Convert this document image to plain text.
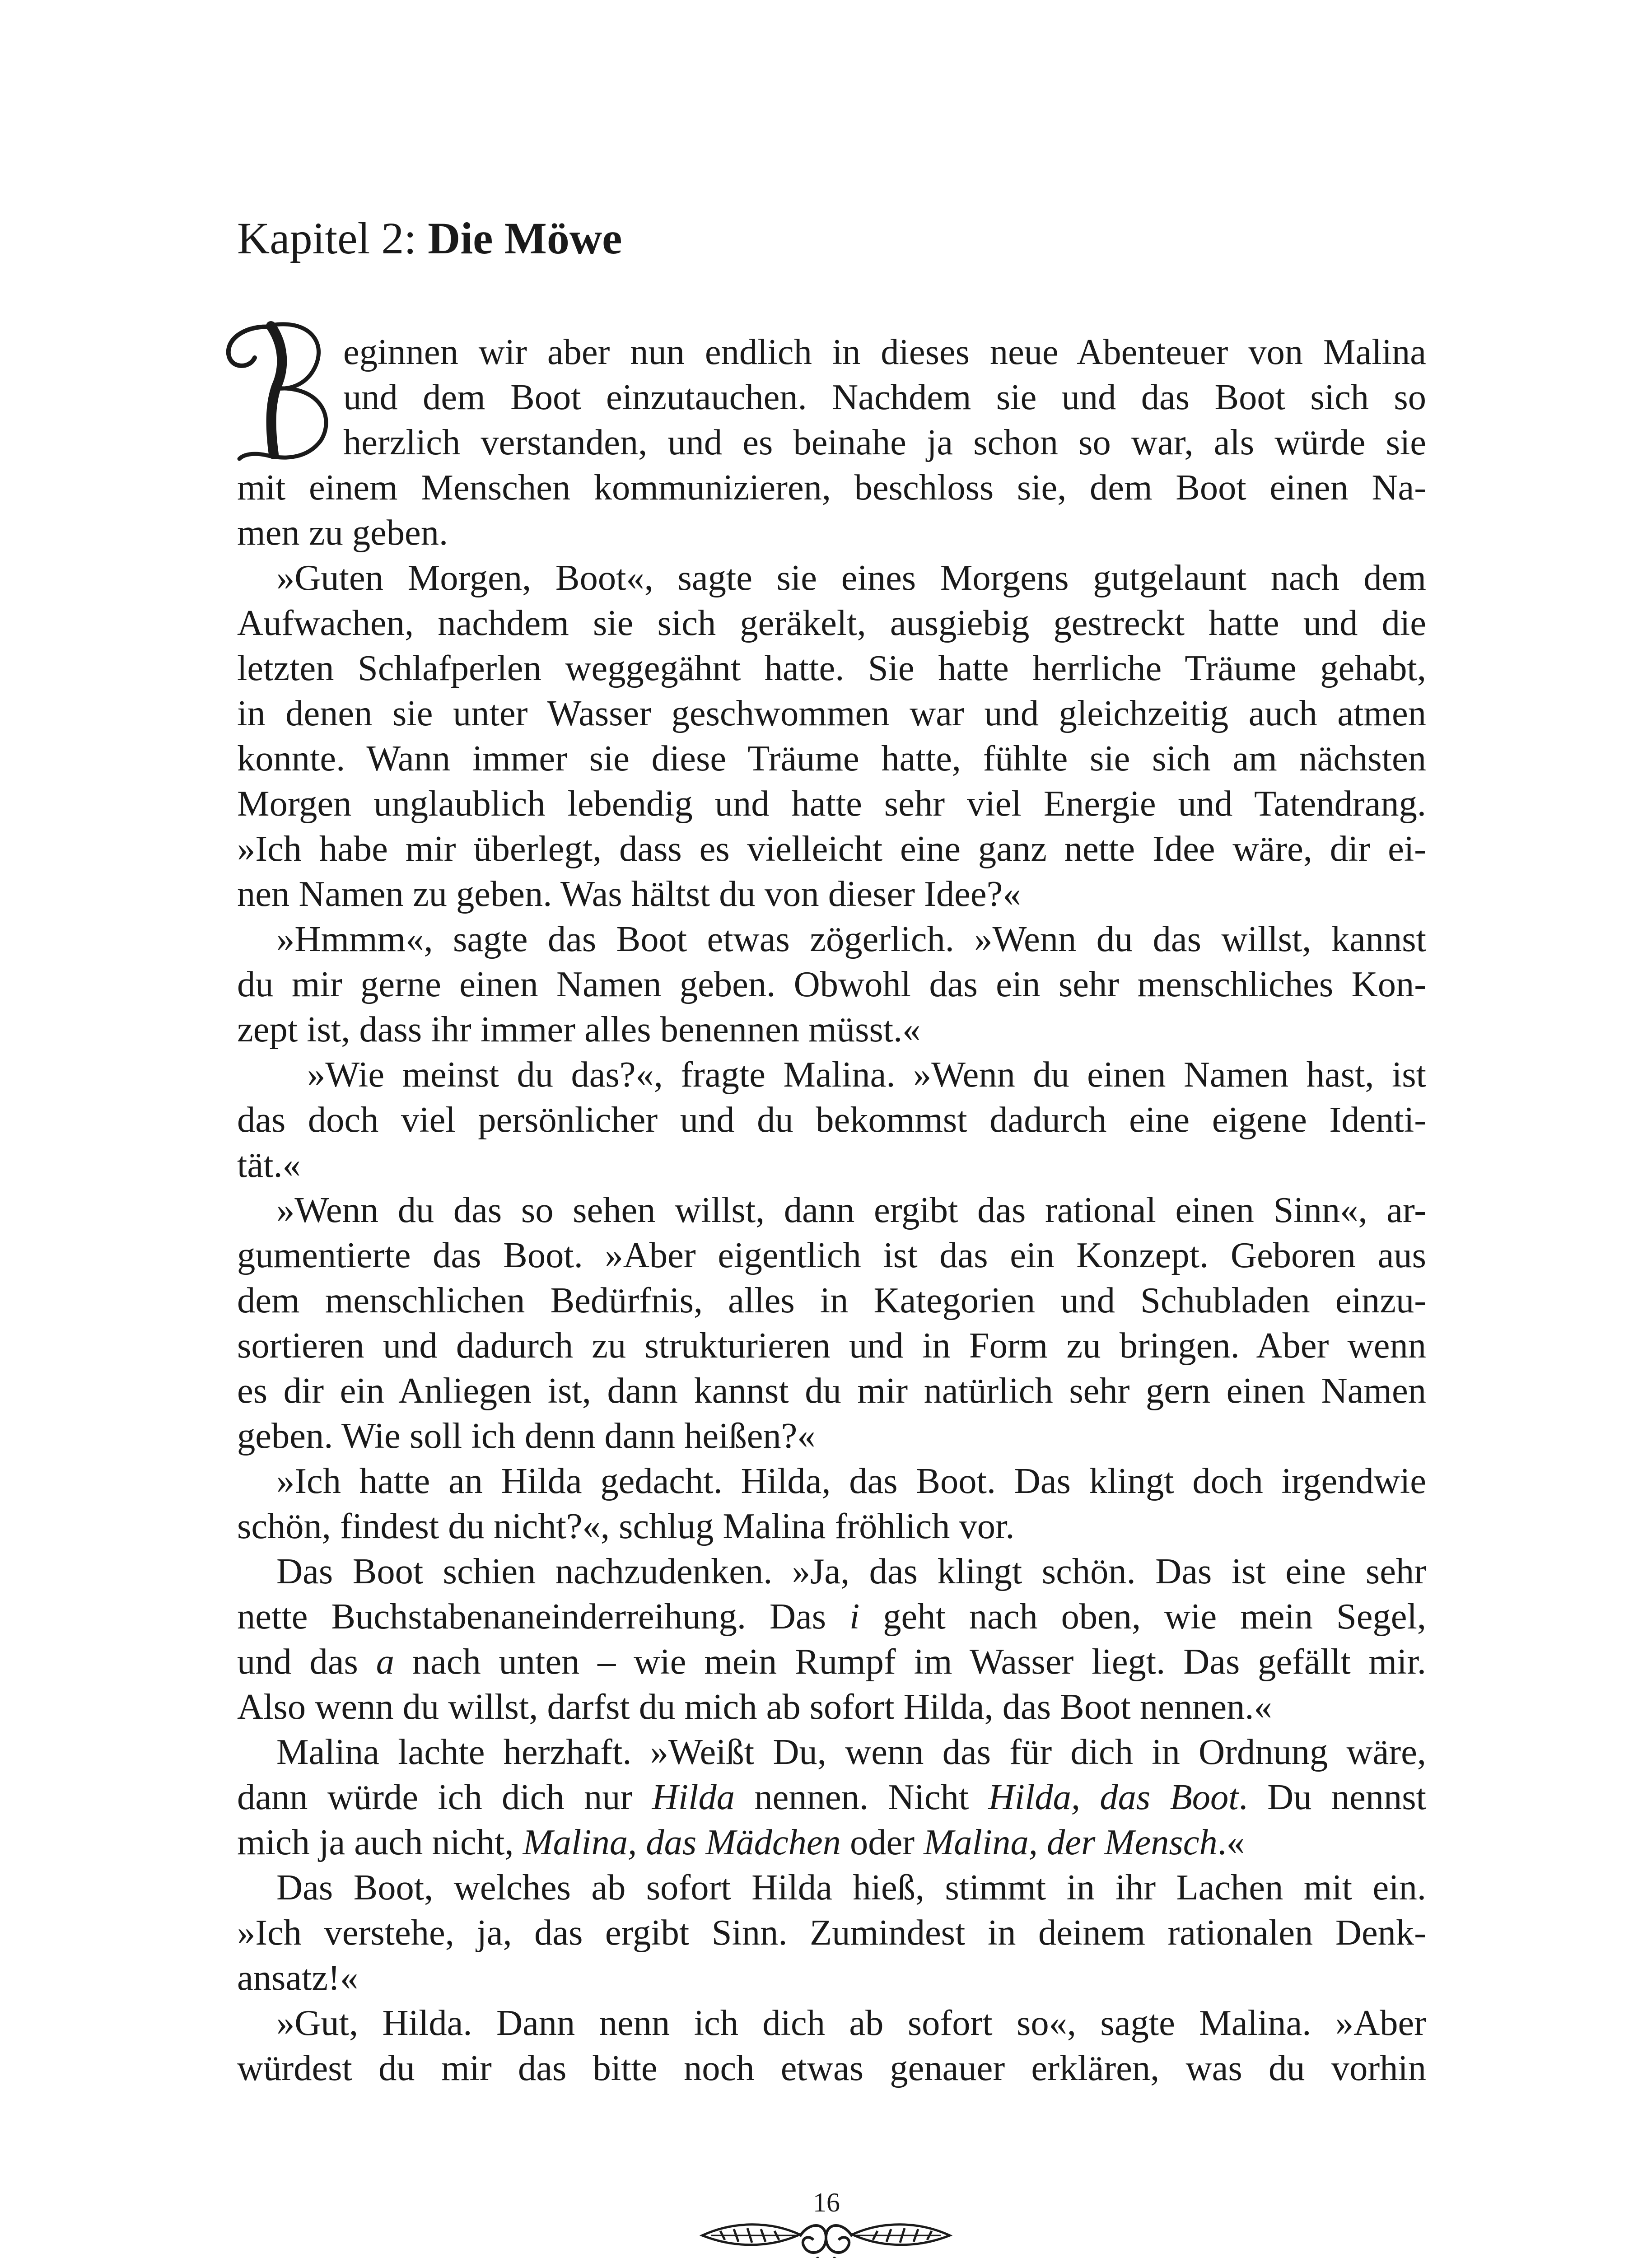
Kapitel 2: Die Möwe
eginnen wir aber nun endlich in dieses neue Abenteuer von Malina
und dem Boot einzutauchen. Nachdem sie und das Boot sich so
herzlich verstanden, und es beinahe ja schon so war, als würde sie
mit einem Menschen kommunizieren, beschloss sie, dem Boot einen Na-
men zu geben.
»Guten Morgen, Boot«, sagte sie eines Morgens gutgelaunt nach dem
Aufwachen, nachdem sie sich geräkelt, ausgiebig gestreckt hatte und die
letzten Schlafperlen weggegähnt hatte. Sie hatte herrliche Träume gehabt,
in denen sie unter Wasser geschwommen war und gleichzeitig auch atmen
konnte. Wann immer sie diese Träume hatte, fühlte sie sich am nächsten
Morgen unglaublich lebendig und hatte sehr viel Energie und Tatendrang.
»Ich habe mir überlegt, dass es vielleicht eine ganz nette Idee wäre, dir ei-
nen Namen zu geben. Was hältst du von dieser Idee?«
»Hmmm«, sagte das Boot etwas zögerlich. »Wenn du das willst, kannst
du mir gerne einen Namen geben. Obwohl das ein sehr menschliches Kon-
zept ist, dass ihr immer alles benennen müsst.«
»Wie meinst du das?«, fragte Malina. »Wenn du einen Namen hast, ist
das doch viel persönlicher und du bekommst dadurch eine eigene Identi-
tät.«
»Wenn du das so sehen willst, dann ergibt das rational einen Sinn«, ar-
gumentierte das Boot. »Aber eigentlich ist das ein Konzept. Geboren aus
dem menschlichen Bedürfnis, alles in Kategorien und Schubladen einzu-
sortieren und dadurch zu strukturieren und in Form zu bringen. Aber wenn
es dir ein Anliegen ist, dann kannst du mir natürlich sehr gern einen Namen
geben. Wie soll ich denn dann heißen?«
»Ich hatte an Hilda gedacht. Hilda, das Boot. Das klingt doch irgendwie
schön, findest du nicht?«, schlug Malina fröhlich vor.
Das Boot schien nachzudenken. »Ja, das klingt schön. Das ist eine sehr
nette Buchstabenaneinderreihung. Das i geht nach oben, wie mein Segel,
und das a nach unten – wie mein Rumpf im Wasser liegt. Das gefällt mir.
Also wenn du willst, darfst du mich ab sofort Hilda, das Boot nennen.«
Malina lachte herzhaft. »Weißt Du, wenn das für dich in Ordnung wäre,
dann würde ich dich nur Hilda nennen. Nicht Hilda, das Boot. Du nennst
mich ja auch nicht, Malina, das Mädchen oder Malina, der Mensch.«
Das Boot, welches ab sofort Hilda hieß, stimmt in ihr Lachen mit ein.
»Ich verstehe, ja, das ergibt Sinn. Zumindest in deinem rationalen Denk-
ansatz!«
»Gut, Hilda. Dann nenn ich dich ab sofort so«, sagte Malina. »Aber
würdest du mir das bitte noch etwas genauer erklären, was du vorhin
16
